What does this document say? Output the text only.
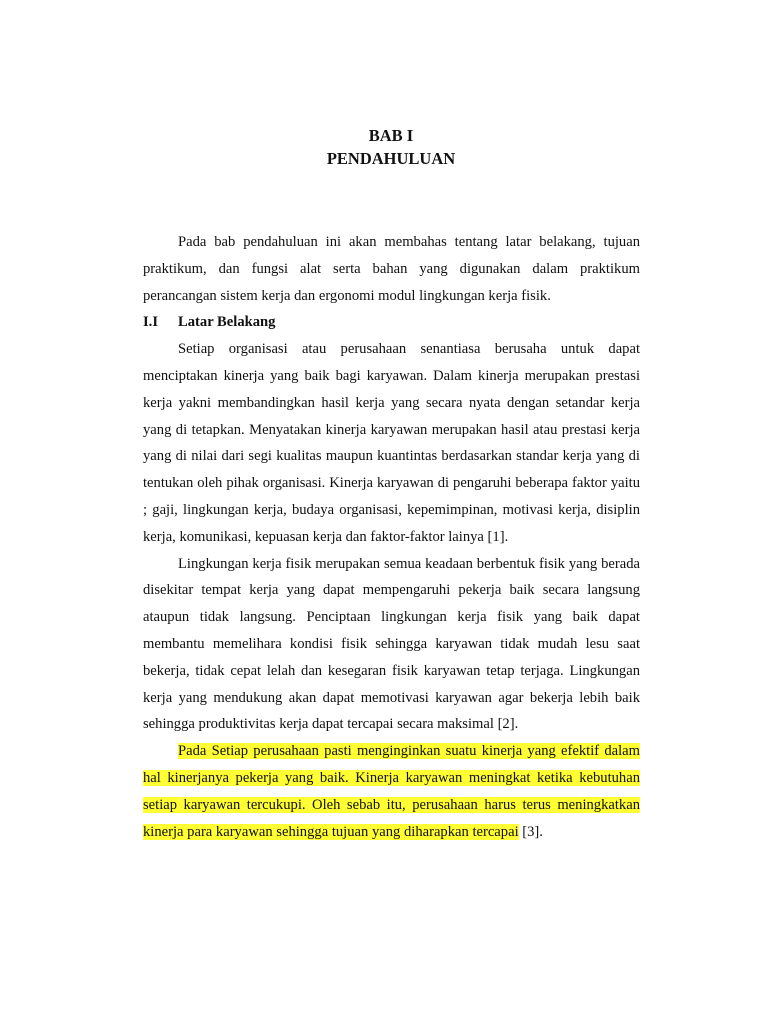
BAB I
PENDAHULUAN

Pada bab pendahuluan ini akan membahas tentang latar belakang, tujuan praktikum, dan fungsi alat serta bahan yang digunakan dalam praktikum perancangan sistem kerja dan ergonomi modul lingkungan kerja fisik.

I.I	Latar Belakang

Setiap organisasi atau perusahaan senantiasa berusaha untuk dapat menciptakan kinerja yang baik bagi karyawan. Dalam kinerja merupakan prestasi kerja yakni membandingkan hasil kerja yang secara nyata dengan setandar kerja yang di tetapkan. Menyatakan kinerja karyawan merupakan hasil atau prestasi kerja yang di nilai dari segi kualitas maupun kuantintas berdasarkan standar kerja yang di tentukan oleh pihak organisasi. Kinerja karyawan di pengaruhi beberapa faktor yaitu ; gaji, lingkungan kerja, budaya organisasi, kepemimpinan, motivasi kerja, disiplin kerja, komunikasi, kepuasan kerja dan faktor-faktor lainya [1].

Lingkungan kerja fisik merupakan semua keadaan berbentuk fisik yang berada disekitar tempat kerja yang dapat mempengaruhi pekerja baik secara langsung ataupun tidak langsung. Penciptaan lingkungan kerja fisik yang baik dapat membantu memelihara kondisi fisik sehingga karyawan tidak mudah lesu saat bekerja, tidak cepat lelah dan kesegaran fisik karyawan tetap terjaga. Lingkungan kerja yang mendukung akan dapat memotivasi karyawan agar bekerja lebih baik sehingga produktivitas kerja dapat tercapai secara maksimal [2].

Pada Setiap perusahaan pasti menginginkan suatu kinerja yang efektif dalam hal kinerjanya pekerja yang baik. Kinerja karyawan meningkat ketika kebutuhan setiap karyawan tercukupi. Oleh sebab itu, perusahaan harus terus meningkatkan kinerja para karyawan sehingga tujuan yang diharapkan tercapai [3].
